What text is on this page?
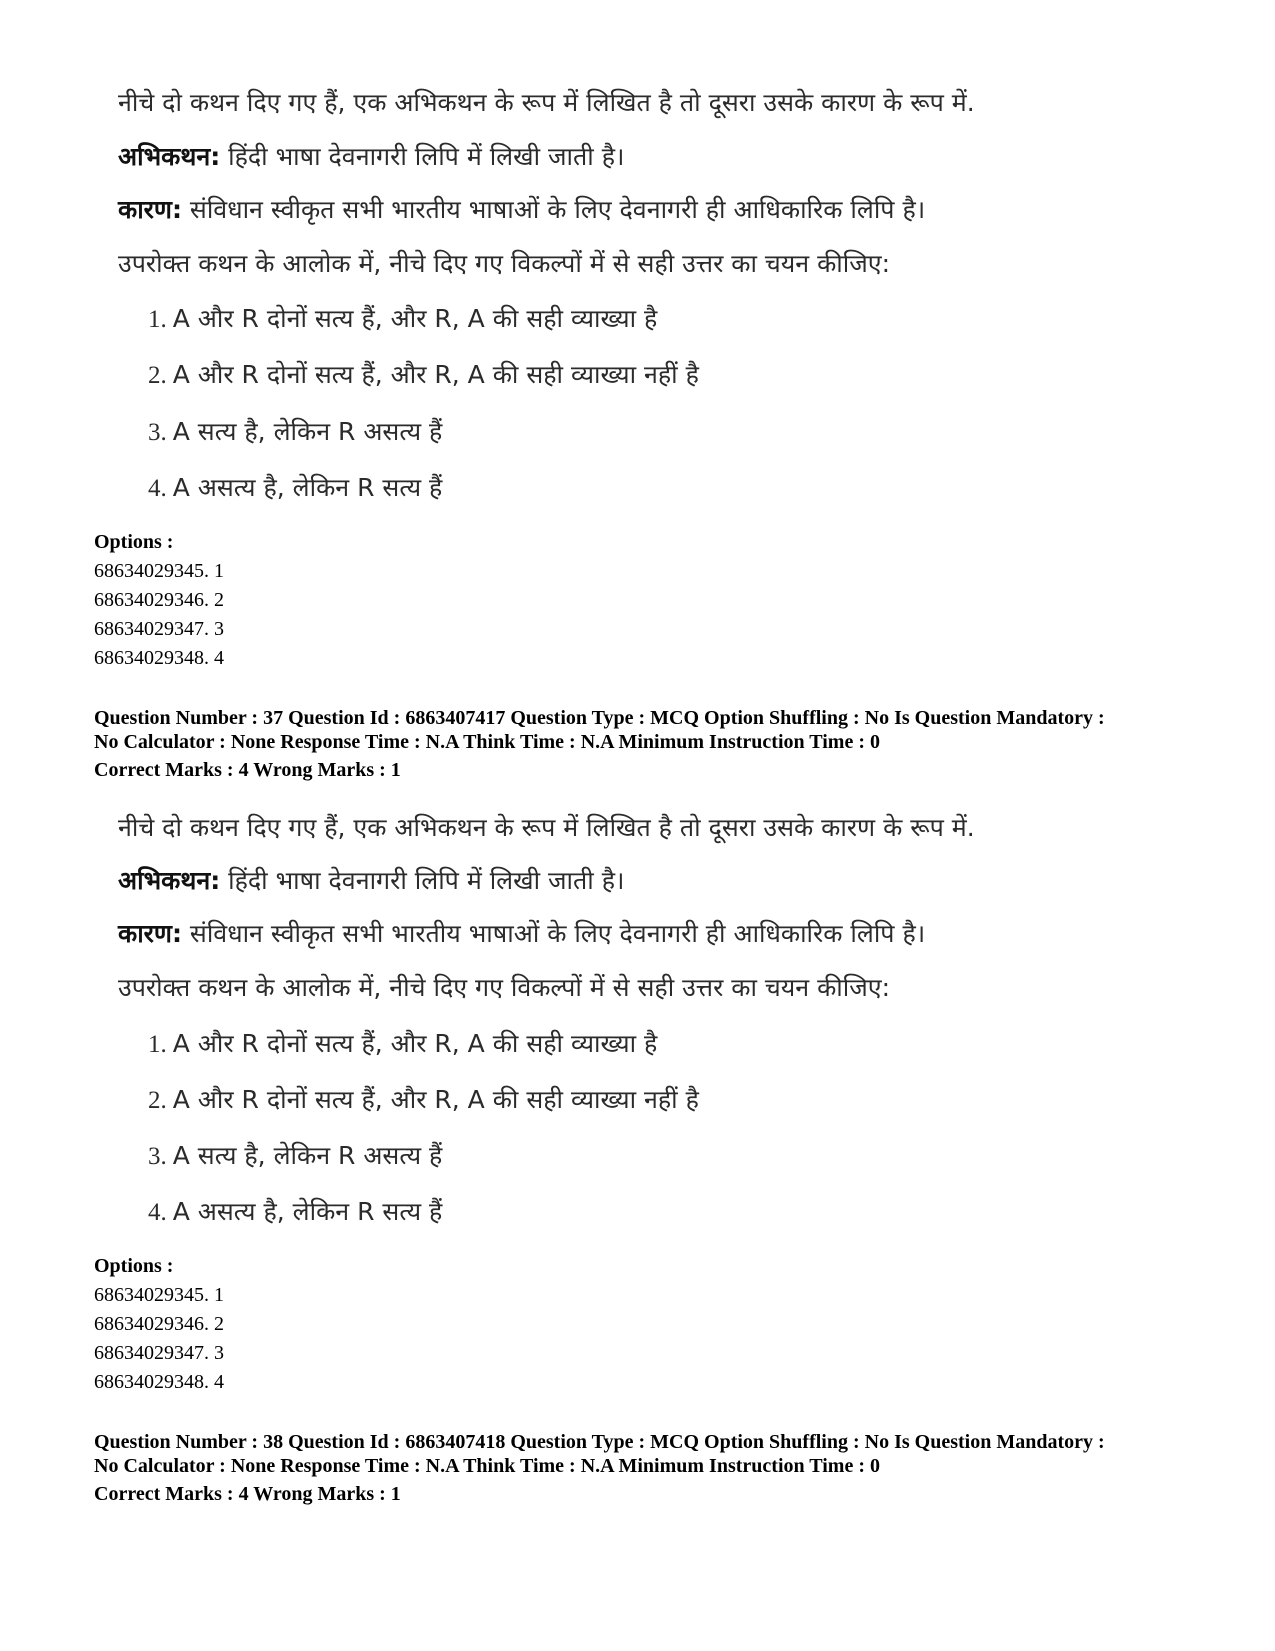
नीचे दो कथन दिए गए हैं, एक अभिकथन के रूप में लिखित है तो दूसरा उसके कारण के रूप में.
अभिकथन: हिंदी भाषा देवनागरी लिपि में लिखी जाती है।
कारण: संविधान स्वीकृत सभी भारतीय भाषाओं के लिए देवनागरी ही आधिकारिक लिपि है।
उपरोक्त कथन के आलोक में, नीचे दिए गए विकल्पों में से सही उत्तर का चयन कीजिए:
1. A और R दोनों सत्य हैं, और R, A की सही व्याख्या है
2. A और R दोनों सत्य हैं, और R, A की सही व्याख्या नहीं है
3. A सत्य है, लेकिन R असत्य हैं
4. A असत्य है, लेकिन R सत्य हैं
Options :
68634029345. 1
68634029346. 2
68634029347. 3
68634029348. 4
Question Number : 37 Question Id : 6863407417 Question Type : MCQ Option Shuffling : No Is Question Mandatory :
No Calculator : None Response Time : N.A Think Time : N.A Minimum Instruction Time : 0
Correct Marks : 4 Wrong Marks : 1
नीचे दो कथन दिए गए हैं, एक अभिकथन के रूप में लिखित है तो दूसरा उसके कारण के रूप में.
अभिकथन: हिंदी भाषा देवनागरी लिपि में लिखी जाती है।
कारण: संविधान स्वीकृत सभी भारतीय भाषाओं के लिए देवनागरी ही आधिकारिक लिपि है।
उपरोक्त कथन के आलोक में, नीचे दिए गए विकल्पों में से सही उत्तर का चयन कीजिए:
1. A और R दोनों सत्य हैं, और R, A की सही व्याख्या है
2. A और R दोनों सत्य हैं, और R, A की सही व्याख्या नहीं है
3. A सत्य है, लेकिन R असत्य हैं
4. A असत्य है, लेकिन R सत्य हैं
Options :
68634029345. 1
68634029346. 2
68634029347. 3
68634029348. 4
Question Number : 38 Question Id : 6863407418 Question Type : MCQ Option Shuffling : No Is Question Mandatory :
No Calculator : None Response Time : N.A Think Time : N.A Minimum Instruction Time : 0
Correct Marks : 4 Wrong Marks : 1
